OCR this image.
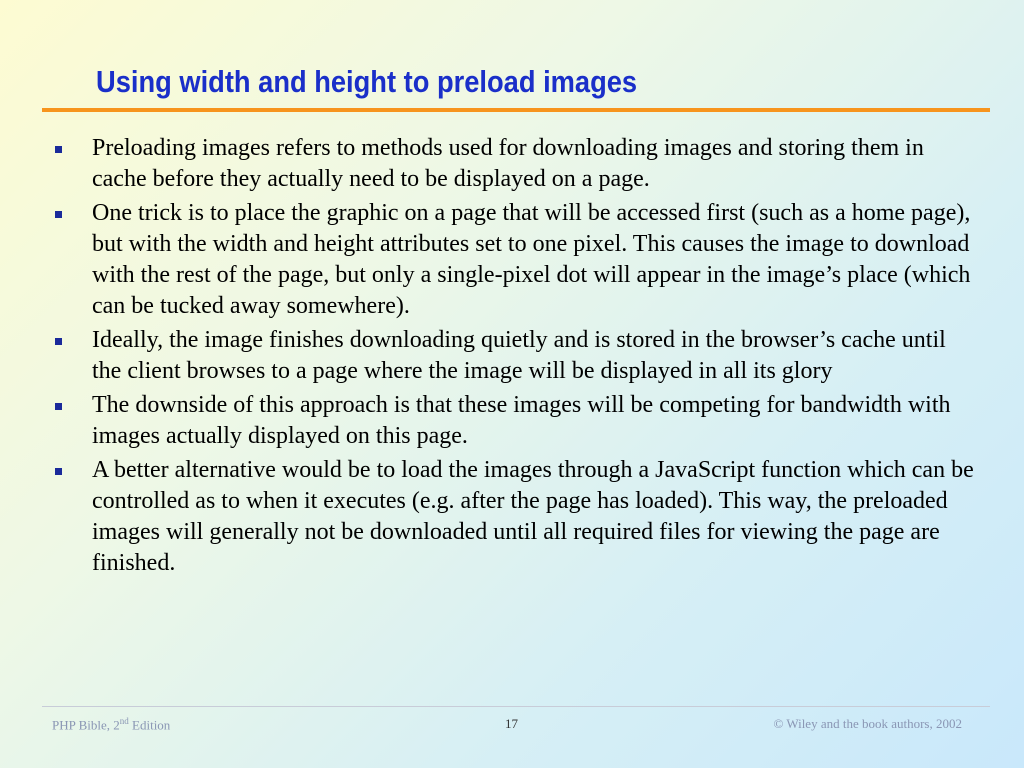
Using width and height to preload images
Preloading images refers to methods used for downloading images and storing them in cache before they actually need to be displayed on a page.
One trick is to place the graphic on a page that will be accessed first (such as a home page), but with the width and height attributes set to one pixel. This causes the image to download with the rest of the page, but only a single-pixel dot will appear in the image’s place (which can be tucked away somewhere).
Ideally, the image finishes downloading quietly and is stored in the browser’s cache until the client browses to a page where the image will be displayed in all its glory
The downside of this approach is that these images will be competing for bandwidth with images actually displayed on this page.
A better alternative would be to load the images through a JavaScript function which can be controlled as to when it executes (e.g. after the page has loaded). This way, the preloaded images will generally not be downloaded until all required files for viewing the page are finished.
PHP Bible, 2nd Edition	17	© Wiley and the book authors, 2002
